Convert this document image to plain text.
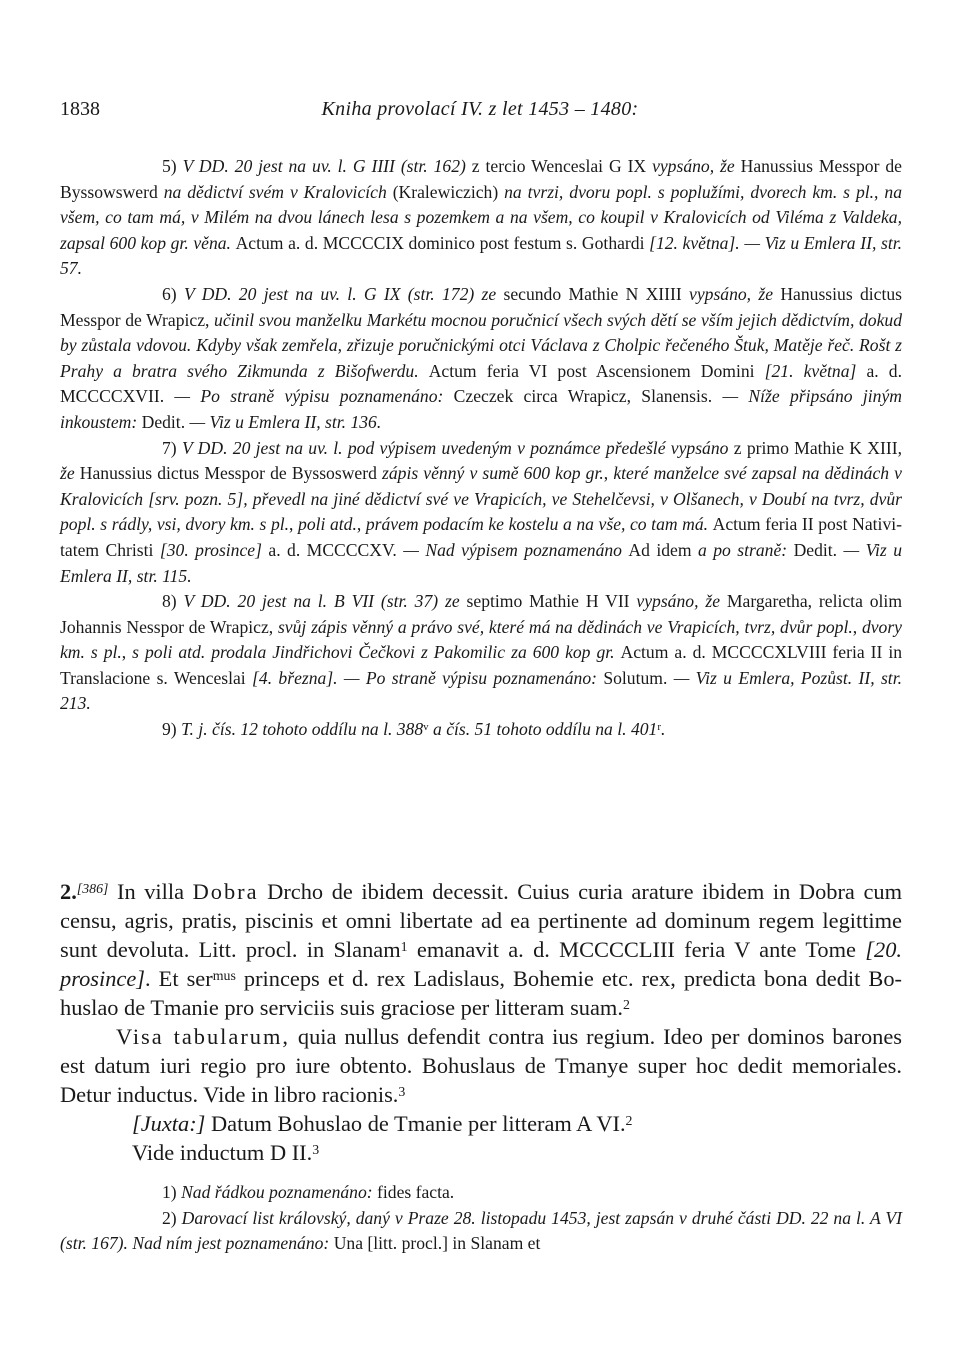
1838	Kniha provolací IV. z let 1453 – 1480:

5) V DD. 20 jest na uv. l. G IIII (str. 162) z tercio Wenceslai G IX vypsáno, že Hanussius Messpor de Byssowswerd na dědictví svém v Kralovicích (Kralewiczich) na tvrzi, dvoru popl. s poplužími, dvorech km. s pl., na všem, co tam má, v Milém na dvou lánech lesa s pozemkem a na všem, co koupil v Kralovicích od Viléma z Valdeka, zapsal 600 kop gr. věna. Actum a. d. MCCCCIX dominico post festum s. Gothardi [12. května]. — Viz u Emlera II, str. 57.

6) V DD. 20 jest na uv. l. G IX (str. 172) ze secundo Mathie N XIIII vypsáno, že Hanussius dictus Messpor de Wrapicz, učinil svou manželku Markétu mocnou poručnicí všech svých dětí se vším jejich dědictvím, dokud by zůstala vdovou. Kdyby však zemřela, zřizuje poručnickými otci Václava z Cholpic řečeného Štuk, Matěje řeč. Rošt z Prahy a bratra svého Zikmunda z Bišofwerdu. Actum feria VI post Ascensionem Domini [21. května] a. d. MCCCCXVII. — Po straně výpisu poznamenáno: Czeczek circa Wrapicz, Slanensis. — Níže připsáno jiným inkoustem: Dedit. — Viz u Emlera II, str. 136.

7) V DD. 20 jest na uv. l. pod výpisem uvedeným v poznámce předešlé vypsáno z primo Mathie K XIII, že Hanussius dictus Messpor de Byssoswerd zápis věnný v sumě 600 kop gr., které manželce své zapsal na dědinách v Kralovicích [srv. pozn. 5], převedl na jiné dědictví své ve Vrapicích, ve Stehelčevsi, v Olšanech, v Doubí na tvrz, dvůr popl. s rádly, vsi, dvory km. s pl., poli atd., právem podacím ke kostelu a na vše, co tam má. Actum feria II post Nativitatem Christi [30. prosince] a. d. MCCCCXV. — Nad výpisem poznamenáno Ad idem a po straně: Dedit. — Viz u Emlera II, str. 115.

8) V DD. 20 jest na l. B VII (str. 37) ze septimo Mathie H VII vypsáno, že Margaretha, relicta olim Johannis Nesspor de Wrapicz, svůj zápis věnný a právo své, které má na dědinách ve Vrapicích, tvrz, dvůr popl., dvory km. s pl., s poli atd. prodala Jindřichovi Čečkovi z Pakomilic za 600 kop gr. Actum a. d. MCCCCXLVIII feria II in Translacione s. Wenceslai [4. března]. — Po straně výpisu poznamenáno: Solutum. — Viz u Emlera, Pozůst. II, str. 213.

9) T. j. čís. 12 tohoto oddílu na l. 388$^v$ a čís. 51 tohoto oddílu na l. 401$^r$.

2.[386] In villa Dobra Drcho de ibidem decessit. Cuius curia arature ibidem in Dobra cum censu, agris, pratis, piscinis et omni libertate ad ea pertinente ad dominum regem legittime sunt devoluta. Litt. procl. in Slanam$^1$ emanavit a. d. MCCCCLIII feria V ante Tome [20. prosince]. Et ser$^{mus}$ princeps et d. rex Ladislaus, Bohemie etc. rex, predicta bona dedit Bohuslao de Tmanie pro serviciis suis graciose per litteram suam.$^2$

Visa tabularum, quia nullus defendit contra ius regium. Ideo per dominos barones est datum iuri regio pro iure obtento. Bohuslaus de Tmanye super hoc dedit memoriales. Detur inductus. Vide in libro racionis.$^3$

[Juxta:] Datum Bohuslao de Tmanie per litteram A VI.$^2$

Vide inductum D II.$^3$

1) Nad řádkou poznamenáno: fides facta.

2) Darovací list královský, daný v Praze 28. listopadu 1453, jest zapsán v druhé části DD. 22 na l. A VI (str. 167). Nad ním jest poznamenáno: Una [litt. procl.] in Slanam et
